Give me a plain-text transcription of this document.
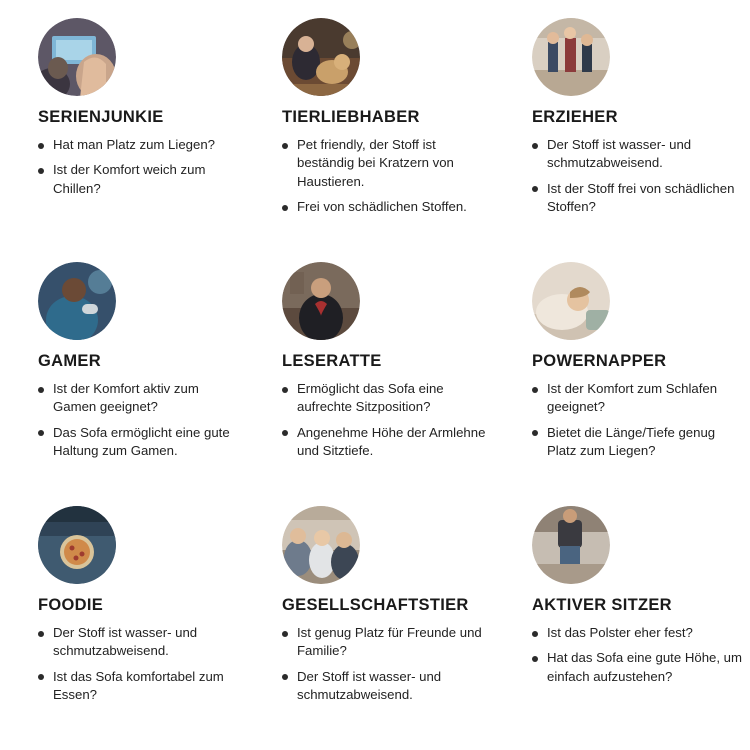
SERIENJUNKIE
Hat man Platz zum Liegen?
Ist der Komfort weich zum Chillen?
TIERLIEBHABER
Pet friendly, der Stoff ist beständig bei Kratzern von Haustieren.
Frei von schädlichen Stoffen.
ERZIEHER
Der Stoff ist wasser- und schmutzabweisend.
Ist der Stoff frei von schädlichen Stoffen?
GAMER
Ist der Komfort aktiv zum Gamen geeignet?
Das Sofa ermöglicht eine gute Haltung zum Gamen.
LESERATTE
Ermöglicht das Sofa eine aufrechte Sitzposition?
Angenehme Höhe der Armlehne und Sitztiefe.
POWERNAPPER
Ist der Komfort zum Schlafen geeignet?
Bietet die Länge/Tiefe genug Platz zum Liegen?
FOODIE
Der Stoff ist wasser- und schmutzabweisend.
Ist das Sofa komfortabel zum Essen?
GESELLSCHAFTSTIER
Ist genug Platz für Freunde und Familie?
Der Stoff ist wasser- und schmutzabweisend.
AKTIVER SITZER
Ist das Polster eher fest?
Hat das Sofa eine gute Höhe, um einfach aufzustehen?
